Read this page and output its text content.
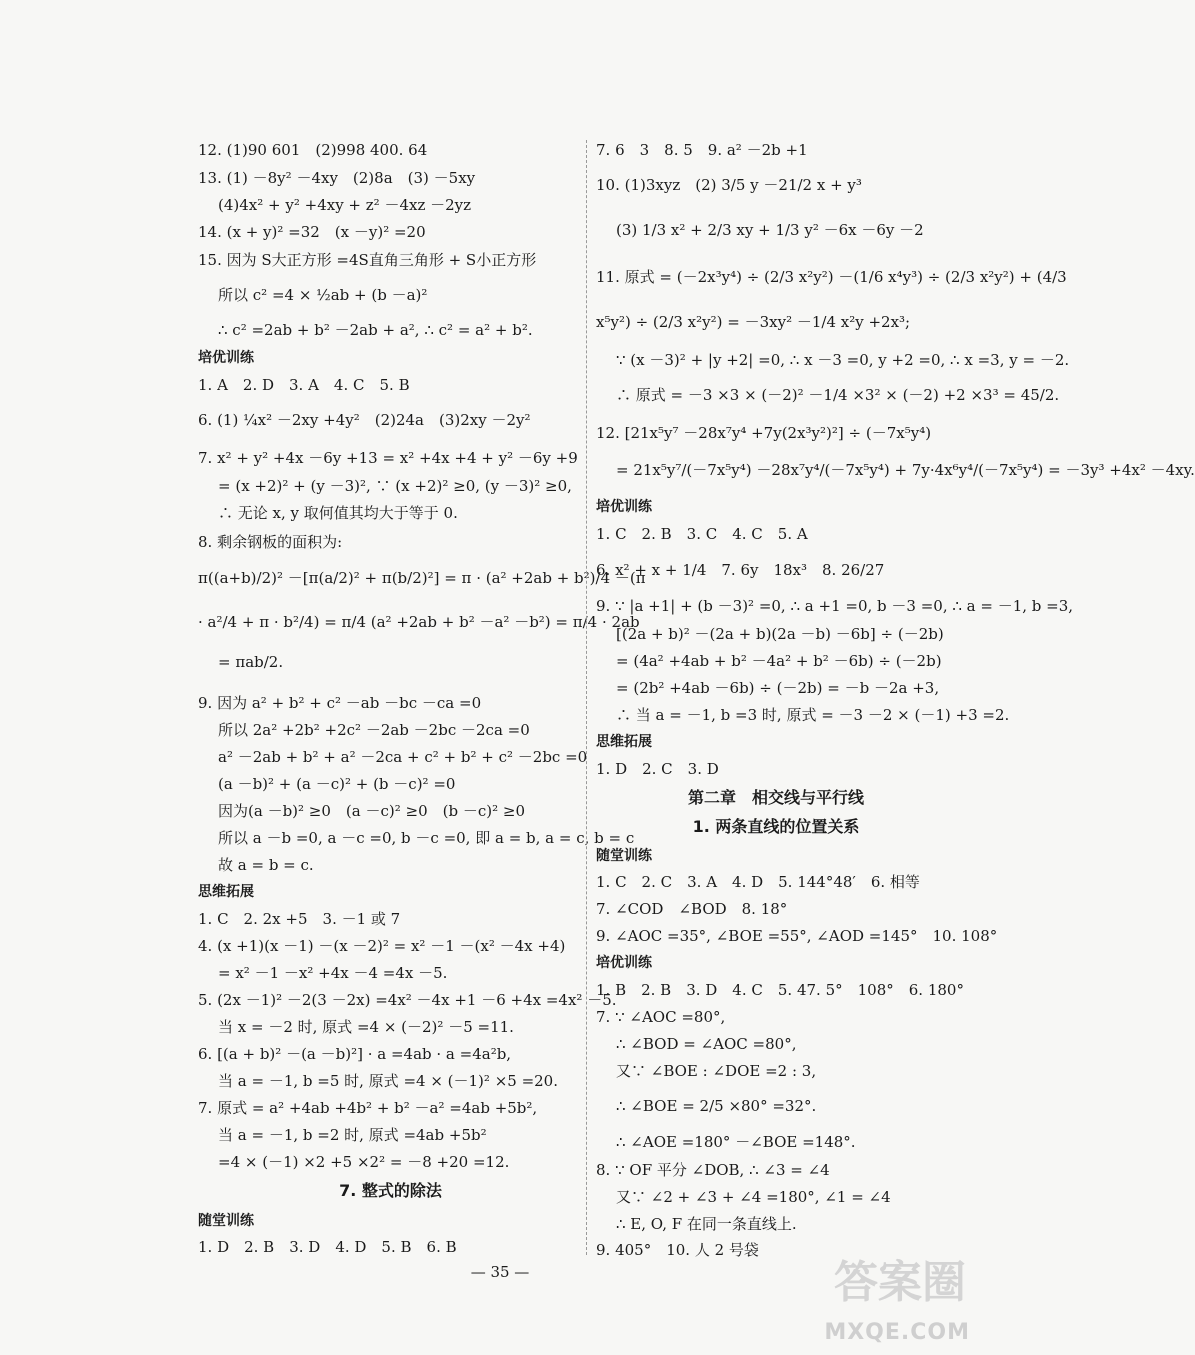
12. (1)90 601　(2)998 400. 64
13. (1) －8y² －4xy　(2)8a　(3) －5xy
(4)4x² + y² +4xy + z² －4xz －2yz
14. (x + y)² =32　(x －y)² =20
15. 因为 S大正方形 =4S直角三角形 + S小正方形
所以 c² =4 × ½ab + (b －a)²
∴ c² =2ab + b² －2ab + a², ∴ c² = a² + b².
培优训练
1. A　2. D　3. A　4. C　5. B
6. (1) ¼x² －2xy +4y²　(2)24a　(3)2xy －2y²
7. x² + y² +4x －6y +13 = x² +4x +4 + y² －6y +9
= (x +2)² + (y －3)², ∵ (x +2)² ≥0, (y －3)² ≥0,
∴ 无论 x, y 取何值其均大于等于 0.
8. 剩余钢板的面积为:
π((a+b)/2)² －[π(a/2)² + π(b/2)²] = π · (a² +2ab + b²)/4 －(π
· a²/4 + π · b²/4) = π/4 (a² +2ab + b² －a² －b²) = π/4 · 2ab
= πab/2.
9. 因为 a² + b² + c² －ab －bc －ca =0
所以 2a² +2b² +2c² －2ab －2bc －2ca =0
a² －2ab + b² + a² －2ca + c² + b² + c² －2bc =0
(a －b)² + (a －c)² + (b －c)² =0
因为(a －b)² ≥0　(a －c)² ≥0　(b －c)² ≥0
所以 a －b =0, a －c =0, b －c =0, 即 a = b, a = c, b = c
故 a = b = c.
思维拓展
1. C　2. 2x +5　3. －1 或 7
4. (x +1)(x －1) －(x －2)² = x² －1 －(x² －4x +4)
= x² －1 －x² +4x －4 =4x －5.
5. (2x －1)² －2(3 －2x) =4x² －4x +1 －6 +4x =4x² －5.
当 x = －2 时, 原式 =4 × (－2)² －5 =11.
6. [(a + b)² －(a －b)²] · a =4ab · a =4a²b,
当 a = －1, b =5 时, 原式 =4 × (－1)² ×5 =20.
7. 原式 = a² +4ab +4b² + b² －a² =4ab +5b²,
当 a = －1, b =2 时, 原式 =4ab +5b²
=4 × (－1) ×2 +5 ×2² = －8 +20 =12.
7. 整式的除法
随堂训练
1. D　2. B　3. D　4. D　5. B　6. B
7. 6　3　8. 5　9. a² －2b +1
10. (1)3xyz　(2) 3/5 y －21/2 x + y³
(3) 1/3 x² + 2/3 xy + 1/3 y² －6x －6y －2
11. 原式 = (－2x³y⁴) ÷ (2/3 x²y²) －(1/6 x⁴y³) ÷ (2/3 x²y²) + (4/3
x⁵y²) ÷ (2/3 x²y²) = －3xy² －1/4 x²y +2x³;
∵ (x －3)² + |y +2| =0, ∴ x －3 =0, y +2 =0, ∴ x =3, y = －2.
∴ 原式 = －3 ×3 × (－2)² －1/4 ×3² × (－2) +2 ×3³ = 45/2.
12. [21x⁵y⁷ －28x⁷y⁴ +7y(2x³y²)²] ÷ (－7x⁵y⁴)
= 21x⁵y⁷/(－7x⁵y⁴) －28x⁷y⁴/(－7x⁵y⁴) + 7y·4x⁶y⁴/(－7x⁵y⁴) = －3y³ +4x² －4xy.
培优训练
1. C　2. B　3. C　4. C　5. A
6. x² + x + 1/4　7. 6y　18x³　8. 26/27
9. ∵ |a +1| + (b －3)² =0, ∴ a +1 =0, b －3 =0, ∴ a = －1, b =3,
[(2a + b)² －(2a + b)(2a －b) －6b] ÷ (－2b)
= (4a² +4ab + b² －4a² + b² －6b) ÷ (－2b)
= (2b² +4ab －6b) ÷ (－2b) = －b －2a +3,
∴ 当 a = －1, b =3 时, 原式 = －3 －2 × (－1) +3 =2.
思维拓展
1. D　2. C　3. D
第二章　相交线与平行线
1. 两条直线的位置关系
随堂训练
1. C　2. C　3. A　4. D　5. 144°48′　6. 相等
7. ∠COD　∠BOD　8. 18°
9. ∠AOC =35°, ∠BOE =55°, ∠AOD =145°　10. 108°
培优训练
1. B　2. B　3. D　4. C　5. 47. 5°　108°　6. 180°
7. ∵ ∠AOC =80°,
∴ ∠BOD = ∠AOC =80°,
又∵ ∠BOE : ∠DOE =2 : 3,
∴ ∠BOE = 2/5 ×80° =32°.
∴ ∠AOE =180° －∠BOE =148°.
8. ∵ OF 平分 ∠DOB, ∴ ∠3 = ∠4
又∵ ∠2 + ∠3 + ∠4 =180°, ∠1 = ∠4
∴ E, O, F 在同一条直线上.
9. 405°　10. 人 2 号袋
— 35 —	答案圈
MXQE.COM
